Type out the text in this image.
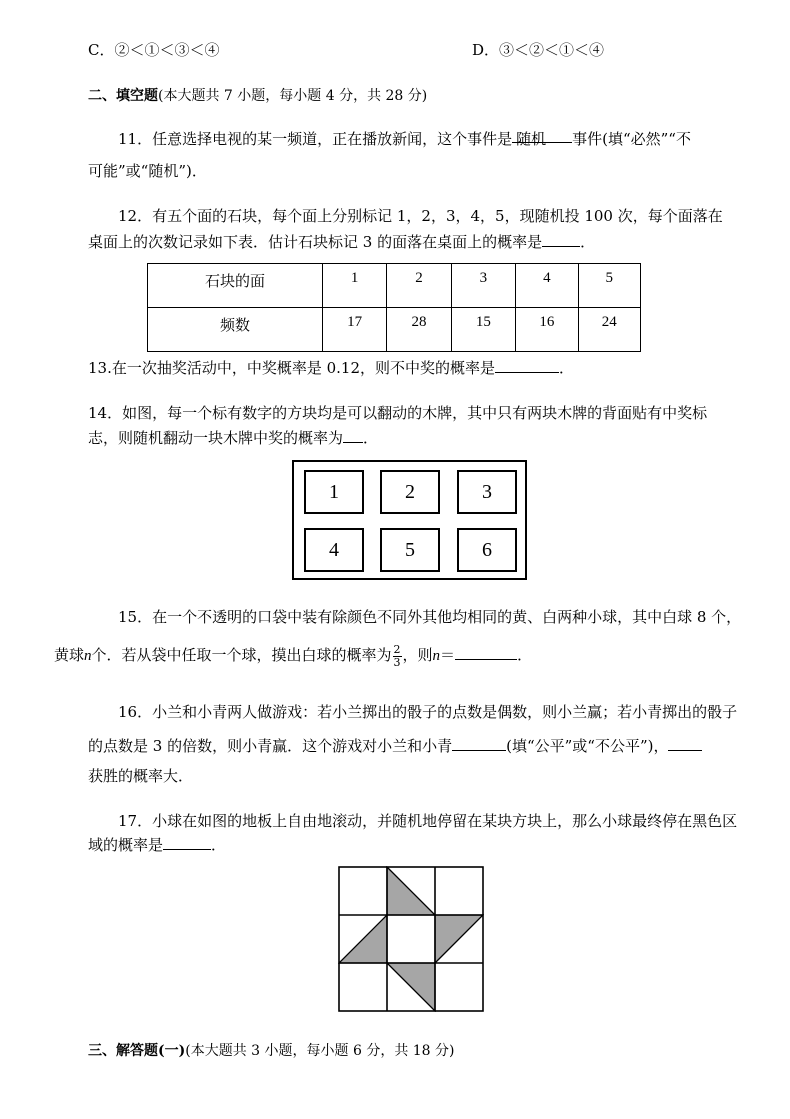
C．②＜①＜③＜④	D．③＜②＜①＜④
二、填空题(本大题共 7 小题，每小题 4 分，共 28 分)
11．任意选择电视的某一频道，正在播放新闻，这个事件是 随机 事件(填“必然”“不
可能”或“随机”)．
12．有五个面的石块，每个面上分别标记 1，2，3，4，5，现随机投 100 次，每个面落在
桌面上的次数记录如下表．估计石块标记 3 的面落在桌面上的概率是	．
石块的面	1	2	3	4	5
频数	17	28	15	16	24
13.在一次抽奖活动中，中奖概率是 0.12，则不中奖的概率是	．
14．如图，每一个标有数字的方块均是可以翻动的木牌，其中只有两块木牌的背面贴有中奖标
志，则随机翻动一块木牌中奖的概率为 ．
1	2	3
4	5	6
15．在一个不透明的口袋中装有除颜色不同外其他均相同的黄、白两种小球，其中白球 8 个，
黄球n个．若从袋中任取一个球，摸出白球的概率为 $\frac{2}{3}$ ，则n＝	．
16．小兰和小青两人做游戏：若小兰掷出的骰子的点数是偶数，则小兰赢；若小青掷出的骰子
的点数是 3 的倍数，则小青赢．这个游戏对小兰和小青	(填“公平”或“不公平”)，
获胜的概率大．
17．小球在如图的地板上自由地滚动，并随机地停留在某块方块上，那么小球最终停在黑色区
域的概率是	．
三、解答题(一)(本大题共 3 小题，每小题 6 分，共 18 分)
